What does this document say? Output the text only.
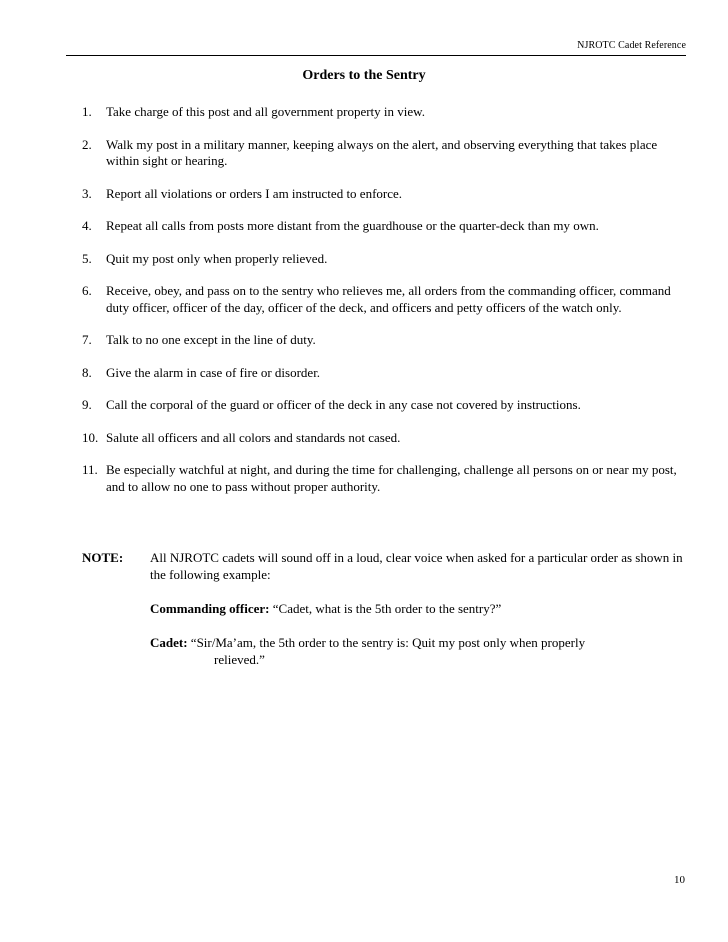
NJROTC Cadet Reference
Orders to the Sentry
1. Take charge of this post and all government property in view.
2. Walk my post in a military manner, keeping always on the alert, and observing everything that takes place within sight or hearing.
3. Report all violations or orders I am instructed to enforce.
4. Repeat all calls from posts more distant from the guardhouse or the quarter-deck than my own.
5. Quit my post only when properly relieved.
6. Receive, obey, and pass on to the sentry who relieves me, all orders from the commanding officer, command duty officer, officer of the day, officer of the deck, and officers and petty officers of the watch only.
7. Talk to no one except in the line of duty.
8. Give the alarm in case of fire or disorder.
9. Call the corporal of the guard or officer of the deck in any case not covered by instructions.
10. Salute all officers and all colors and standards not cased.
11. Be especially watchful at night, and during the time for challenging, challenge all persons on or near my post, and to allow no one to pass without proper authority.
NOTE: All NJROTC cadets will sound off in a loud, clear voice when asked for a particular order as shown in the following example:

Commanding officer: “Cadet, what is the 5th order to the sentry?”

Cadet: “Sir/Ma’am, the 5th order to the sentry is: Quit my post only when properly
relieved.”

10
